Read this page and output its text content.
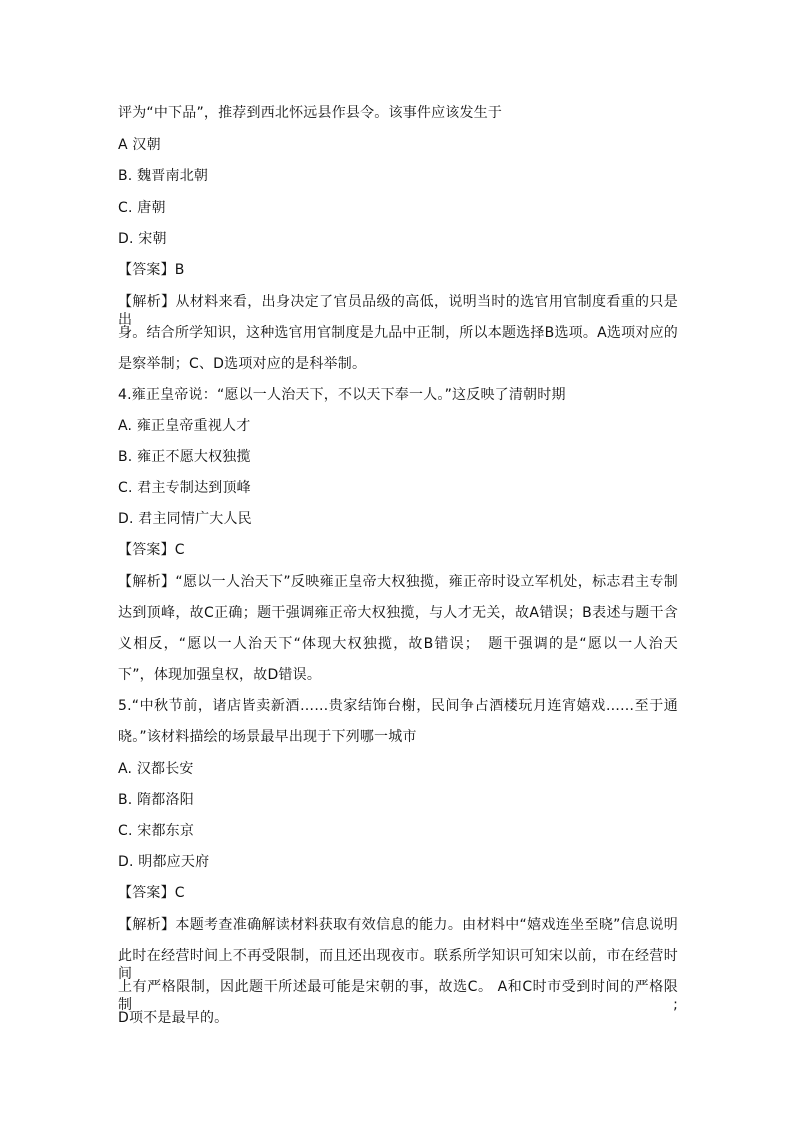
评为“中下品”，推荐到西北怀远县作县令。该事件应该发生于
A 汉朝
B. 魏晋南北朝
C. 唐朝
D. 宋朝
【答案】B
【解析】从材料来看，出身决定了官员品级的高低，说明当时的选官用官制度看重的只是出
身。结合所学知识，这种选官用官制度是九品中正制，所以本题选择B选项。A选项对应的
是察举制；C、D选项对应的是科举制。
4.雍正皇帝说：“愿以一人治天下，不以天下奉一人。”这反映了清朝时期
A. 雍正皇帝重视人才
B. 雍正不愿大权独揽
C. 君主专制达到顶峰
D. 君主同情广大人民
【答案】C
【解析】“愿以一人治天下”反映雍正皇帝大权独揽，雍正帝时设立军机处，标志君主专制
达到顶峰，故C正确；题干强调雍正帝大权独揽，与人才无关，故A错误；B表述与题干含
义相反，“愿以一人治天下“体现大权独揽，故B错误；　题干强调的是“愿以一人治天
下”，体现加强皇权，故D错误。
5.“中秋节前，诸店皆卖新酒……贵家结饰台榭，民间争占酒楼玩月连宵嬉戏……至于通
晓。”该材料描绘的场景最早出现于下列哪一城市
A. 汉都长安
B. 隋都洛阳
C. 宋都东京
D. 明都应天府
【答案】C
【解析】本题考查准确解读材料获取有效信息的能力。由材料中“嬉戏连坐至晓”信息说明
此时在经营时间上不再受限制，而且还出现夜市。联系所学知识可知宋以前，市在经营时间
上有严格限制，因此题干所述最可能是宋朝的事，故选C。 A和C时市受到时间的严格限制;
D项不是最早的。
